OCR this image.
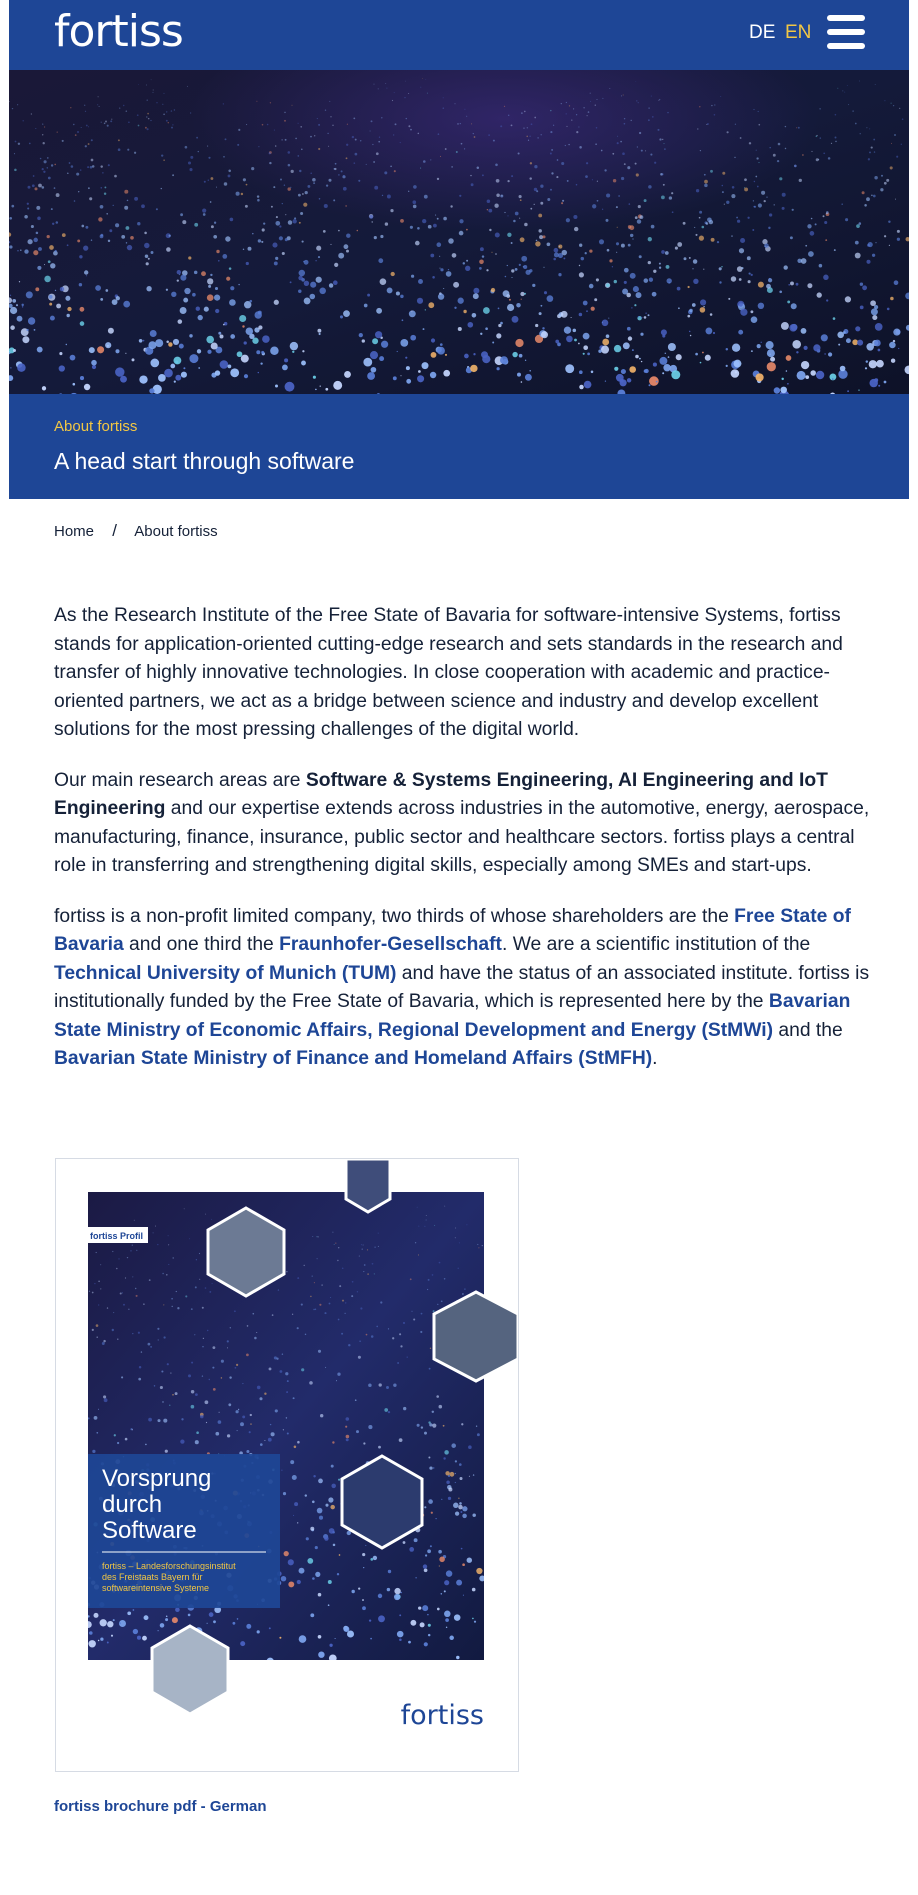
fortiss	DE EN
About fortiss
A head start through software
Home / About fortiss

As the Research Institute of the Free State of Bavaria for software-intensive Systems, fortiss stands for application-oriented cutting-edge research and sets standards in the research and transfer of highly innovative technologies. In close cooperation with academic and practice-oriented partners, we act as a bridge between science and industry and develop excellent solutions for the most pressing challenges of the digital world.

Our main research areas are Software & Systems Engineering, AI Engineering and IoT Engineering and our expertise extends across industries in the automotive, energy, aerospace, manufacturing, finance, insurance, public sector and healthcare sectors. fortiss plays a central role in transferring and strengthening digital skills, especially among SMEs and start-ups.

fortiss is a non-profit limited company, two thirds of whose shareholders are the Free State of Bavaria and one third the Fraunhofer-Gesellschaft. We are a scientific institution of the Technical University of Munich (TUM) and have the status of an associated institute. fortiss is institutionally funded by the Free State of Bavaria, which is represented here by the Bavarian State Ministry of Economic Affairs, Regional Development and Energy (StMWi) and the Bavarian State Ministry of Finance and Homeland Affairs (StMFH).

fortiss Profil
Vorsprung
durch
Software
fortiss – Landesforschungsinstitut
des Freistaats Bayern für
softwareintensive Systeme
fortiss
fortiss brochure pdf - German
